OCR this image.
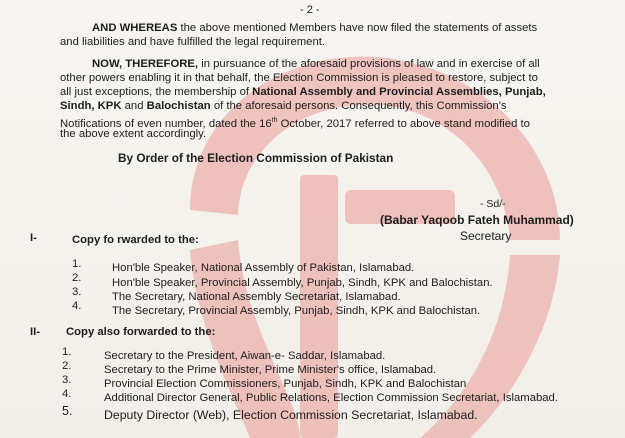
- 2 -
AND WHEREAS the above mentioned Members have now filed the statements of assets
and liabilities and have fulfilled the legal requirement.
NOW, THEREFORE, in pursuance of the aforesaid provisions of law and in exercise of all
other powers enabling it in that behalf, the Election Commission is pleased to restore, subject to
all just exceptions, the membership of National Assembly and Provincial Assemblies, Punjab,
Sindh, KPK and Balochistan of the aforesaid persons. Consequently, this Commission's
Notifications of even number, dated the 16th October, 2017 referred to above stand modified to
the above extent accordingly.
By Order of the Election Commission of Pakistan
- Sd/-
(Babar Yaqoob Fateh Muhammad)
Secretary
I-	Copy fo rwarded to the:
1.	Hon'ble Speaker, National Assembly of Pakistan, Islamabad.
2.	Hon'ble Speaker, Provincial Assembly, Punjab, Sindh, KPK and Balochistan.
3.	The Secretary, National Assembly Secretariat, Islamabad.
4.	The Secretary, Provincial Assembly, Punjab, Sindh, KPK and Balochistan.
II- Copy also forwarded to the:
1.	Secretary to the President, Aiwan-e- Saddar, Islamabad.
2.	Secretary to the Prime Minister, Prime Minister's office, Islamabad.
3.	Provincial Election Commissioners, Punjab, Sindh, KPK and Balochistan
4.	Additional Director General, Public Relations, Election Commission Secretariat, Islamabad.
5.	Deputy Director (Web), Election Commission Secretariat, Islamabad.
